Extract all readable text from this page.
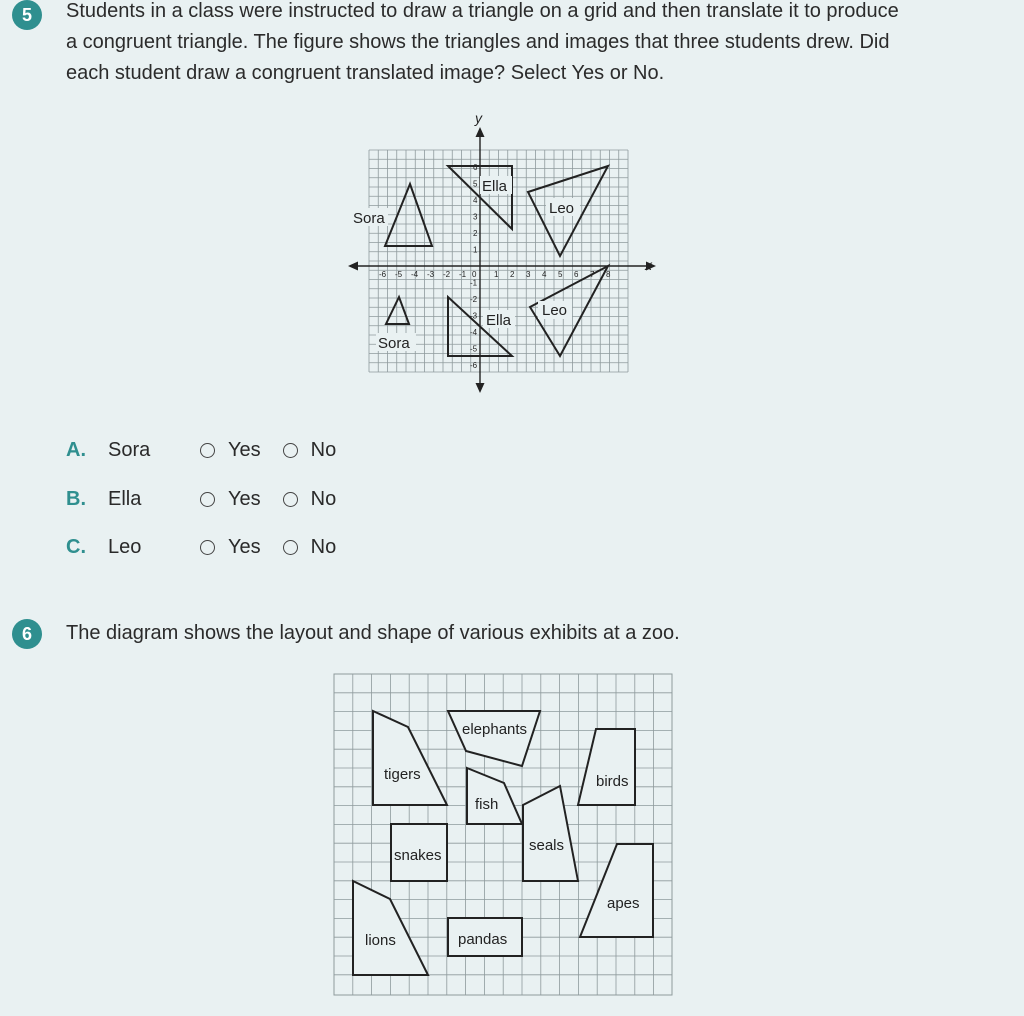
5	Students in a class were instructed to draw a triangle on a grid and then translate it to produce
a congruent triangle. The figure shows the triangles and images that three students drew. Did
each student draw a congruent translated image? Select Yes or No.
x
y
-6 -5 -4 -3 -2 -1 0 1 2 3 4 5 6 7 8
6
5
4
3
2
1
-1
-2
-3
-4
-5
-6
Ella
Sora
Leo
Leo
Ella
Sora
A.	Sora	Yes	No
B.	Ella	Yes	No
C.	Leo	Yes	No
6	The diagram shows the layout and shape of various exhibits at a zoo.
tigers
elephants
birds
fish
seals
snakes
apes
lions	pandas
